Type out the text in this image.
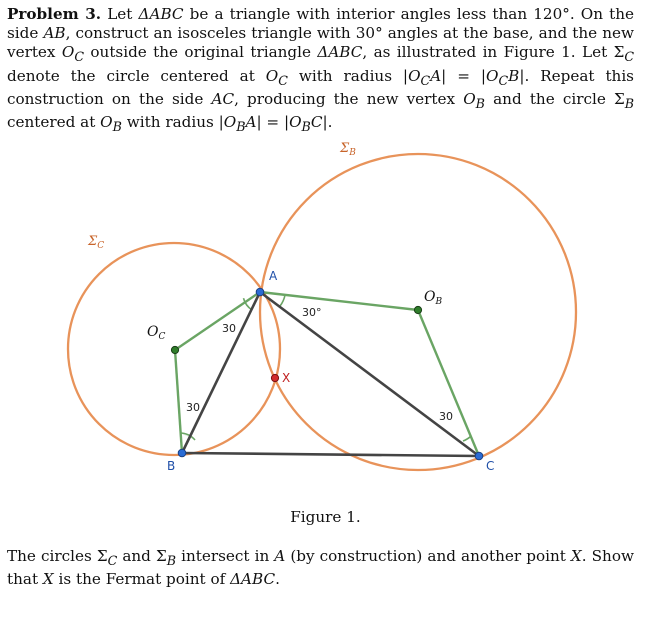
Problem 3. Let ΔABC be a triangle with interior angles less than 120°. On the side AB, construct an isosceles triangle with 30° angles at the base, and the new vertex $O_C$ outside the original triangle ΔABC, as illustrated in Figure 1. Let $\Sigma_C$ denote the circle centered at $O_C$ with radius $|O_CA| = |O_CB|$. Repeat this construction on the side AC, producing the new vertex $O_B$ and the circle $\Sigma_B$ centered at $O_B$ with radius $|O_BA| = |O_BC|$.

$\Sigma_B$
$\Sigma_C$
$O_C$
$O_B$
A
B	C
X
30
30°
30
30

Figure 1.

The circles $\Sigma_C$ and $\Sigma_B$ intersect in A (by construction) and another point X. Show that X is the Fermat point of ΔABC.
